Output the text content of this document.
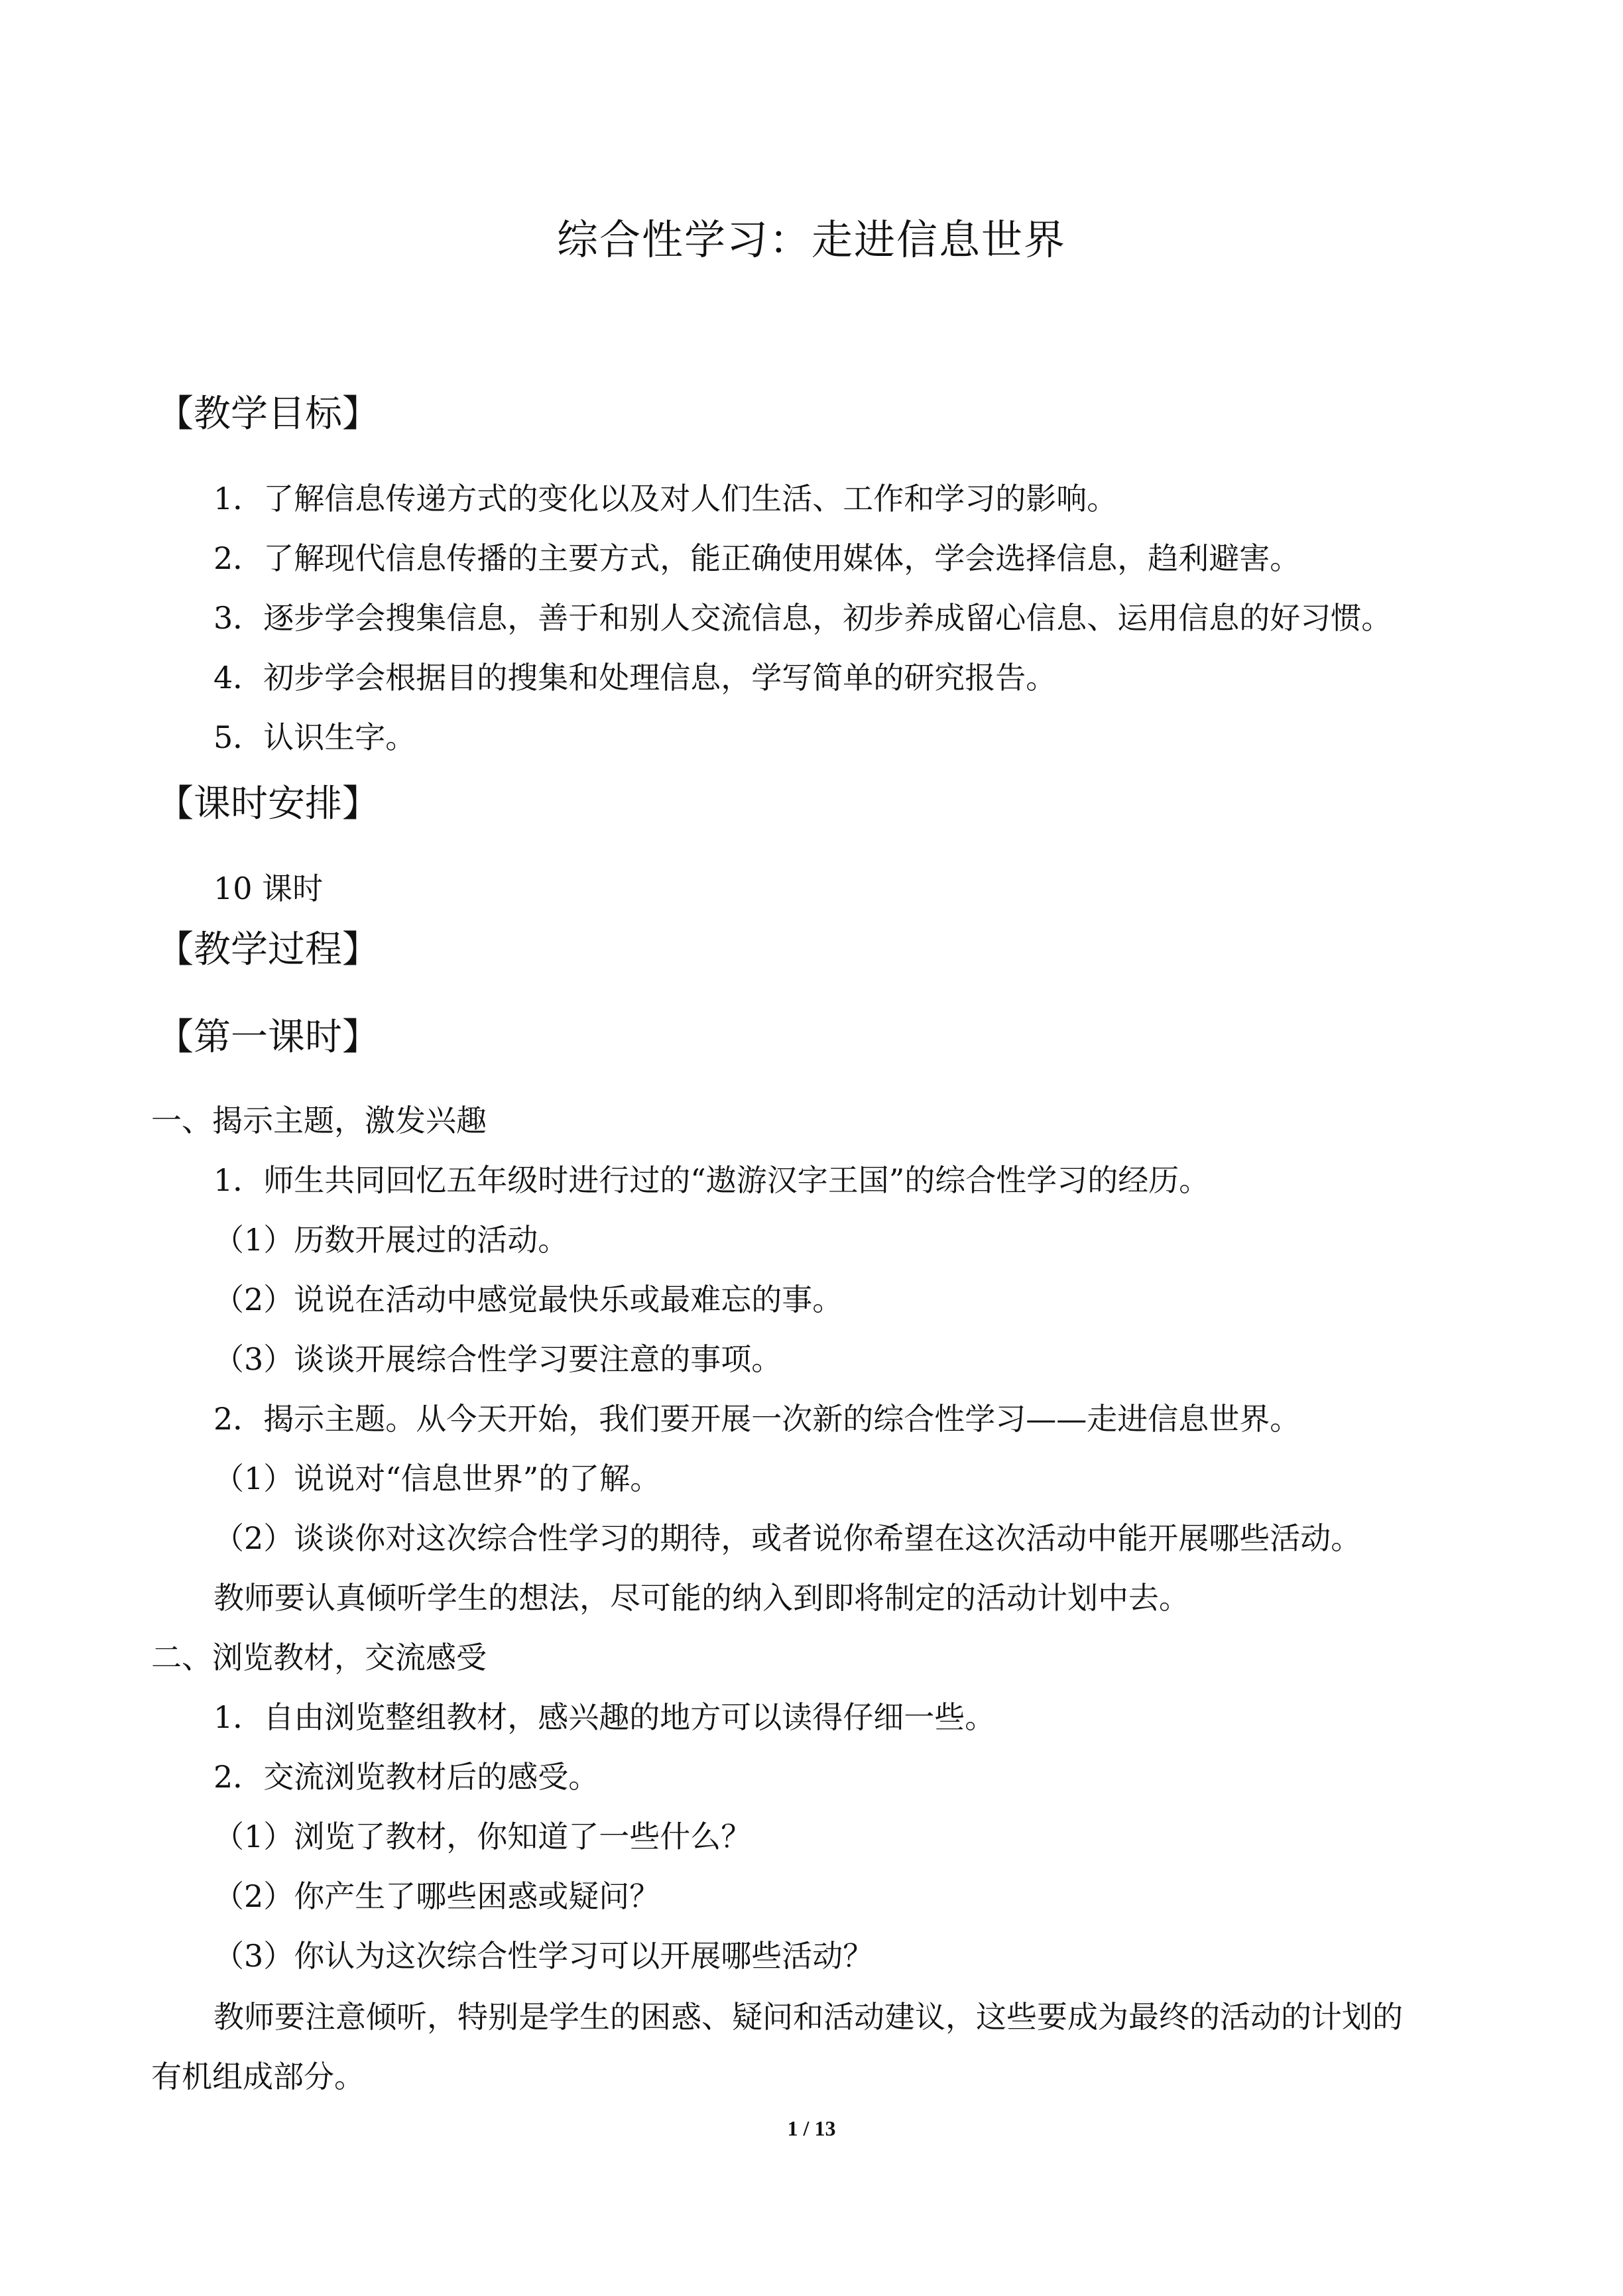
综合性学习：走进信息世界
【教学目标】
1．了解信息传递方式的变化以及对人们生活、工作和学习的影响。
2．了解现代信息传播的主要方式，能正确使用媒体，学会选择信息，趋利避害。
3．逐步学会搜集信息，善于和别人交流信息，初步养成留心信息、运用信息的好习惯。
4．初步学会根据目的搜集和处理信息，学写简单的研究报告。
5．认识生字。
【课时安排】
10 课时
【教学过程】
【第一课时】
一、揭示主题，激发兴趣
1．师生共同回忆五年级时进行过的“遨游汉字王国”的综合性学习的经历。
（1）历数开展过的活动。
（2）说说在活动中感觉最快乐或最难忘的事。
（3）谈谈开展综合性学习要注意的事项。
2．揭示主题。从今天开始，我们要开展一次新的综合性学习——走进信息世界。
（1）说说对“信息世界”的了解。
（2）谈谈你对这次综合性学习的期待，或者说你希望在这次活动中能开展哪些活动。
教师要认真倾听学生的想法，尽可能的纳入到即将制定的活动计划中去。
二、浏览教材，交流感受
1．自由浏览整组教材，感兴趣的地方可以读得仔细一些。
2．交流浏览教材后的感受。
（1）浏览了教材，你知道了一些什么？
（2）你产生了哪些困惑或疑问？
（3）你认为这次综合性学习可以开展哪些活动？
教师要注意倾听，特别是学生的困惑、疑问和活动建议，这些要成为最终的活动的计划的
有机组成部分。
1 / 13
